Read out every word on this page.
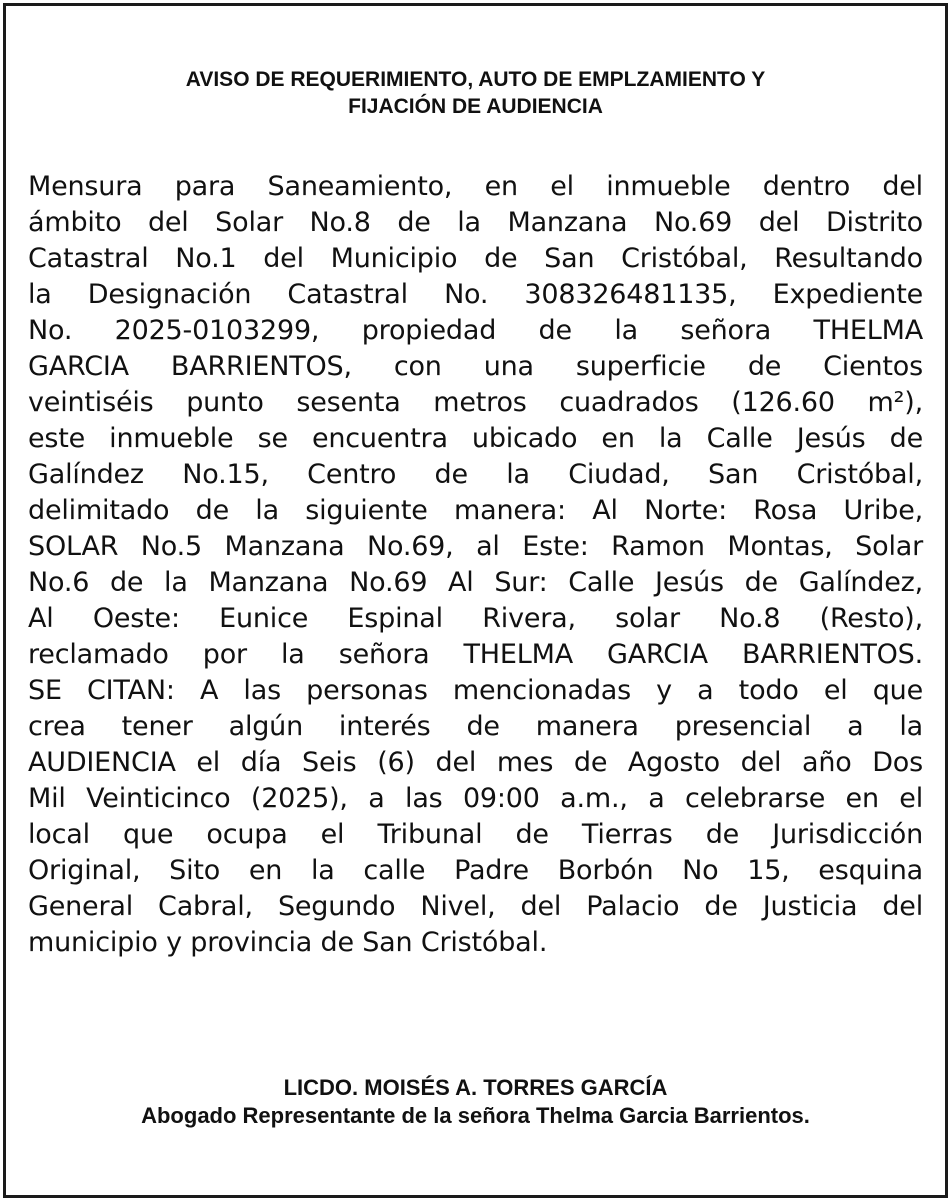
AVISO DE REQUERIMIENTO, AUTO DE EMPLZAMIENTO Y
FIJACIÓN DE AUDIENCIA
Mensura para Saneamiento, en el inmueble dentro del
ámbito del Solar No.8 de la Manzana No.69 del Distrito
Catastral No.1 del Municipio de San Cristóbal, Resultando
la Designación Catastral No. 308326481135, Expediente
No. 2025-0103299, propiedad de la señora THELMA
GARCIA BARRIENTOS, con una superficie de Cientos
veintiséis punto sesenta metros cuadrados (126.60 m²),
este inmueble se encuentra ubicado en la Calle Jesús de
Galíndez No.15, Centro de la Ciudad, San Cristóbal,
delimitado de la siguiente manera: Al Norte: Rosa Uribe,
SOLAR No.5 Manzana No.69, al Este: Ramon Montas, Solar
No.6 de la Manzana No.69 Al Sur: Calle Jesús de Galíndez,
Al Oeste: Eunice Espinal Rivera, solar No.8 (Resto),
reclamado por la señora THELMA GARCIA BARRIENTOS.
SE CITAN: A las personas mencionadas y a todo el que
crea tener algún interés de manera presencial a la
AUDIENCIA el día Seis (6) del mes de Agosto del año Dos
Mil Veinticinco (2025), a las 09:00 a.m., a celebrarse en el
local que ocupa el Tribunal de Tierras de Jurisdicción
Original, Sito en la calle Padre Borbón No 15, esquina
General Cabral, Segundo Nivel, del Palacio de Justicia del
municipio y provincia de San Cristóbal.
LICDO. MOISÉS A. TORRES GARCÍA
Abogado Representante de la señora Thelma Garcia Barrientos.
